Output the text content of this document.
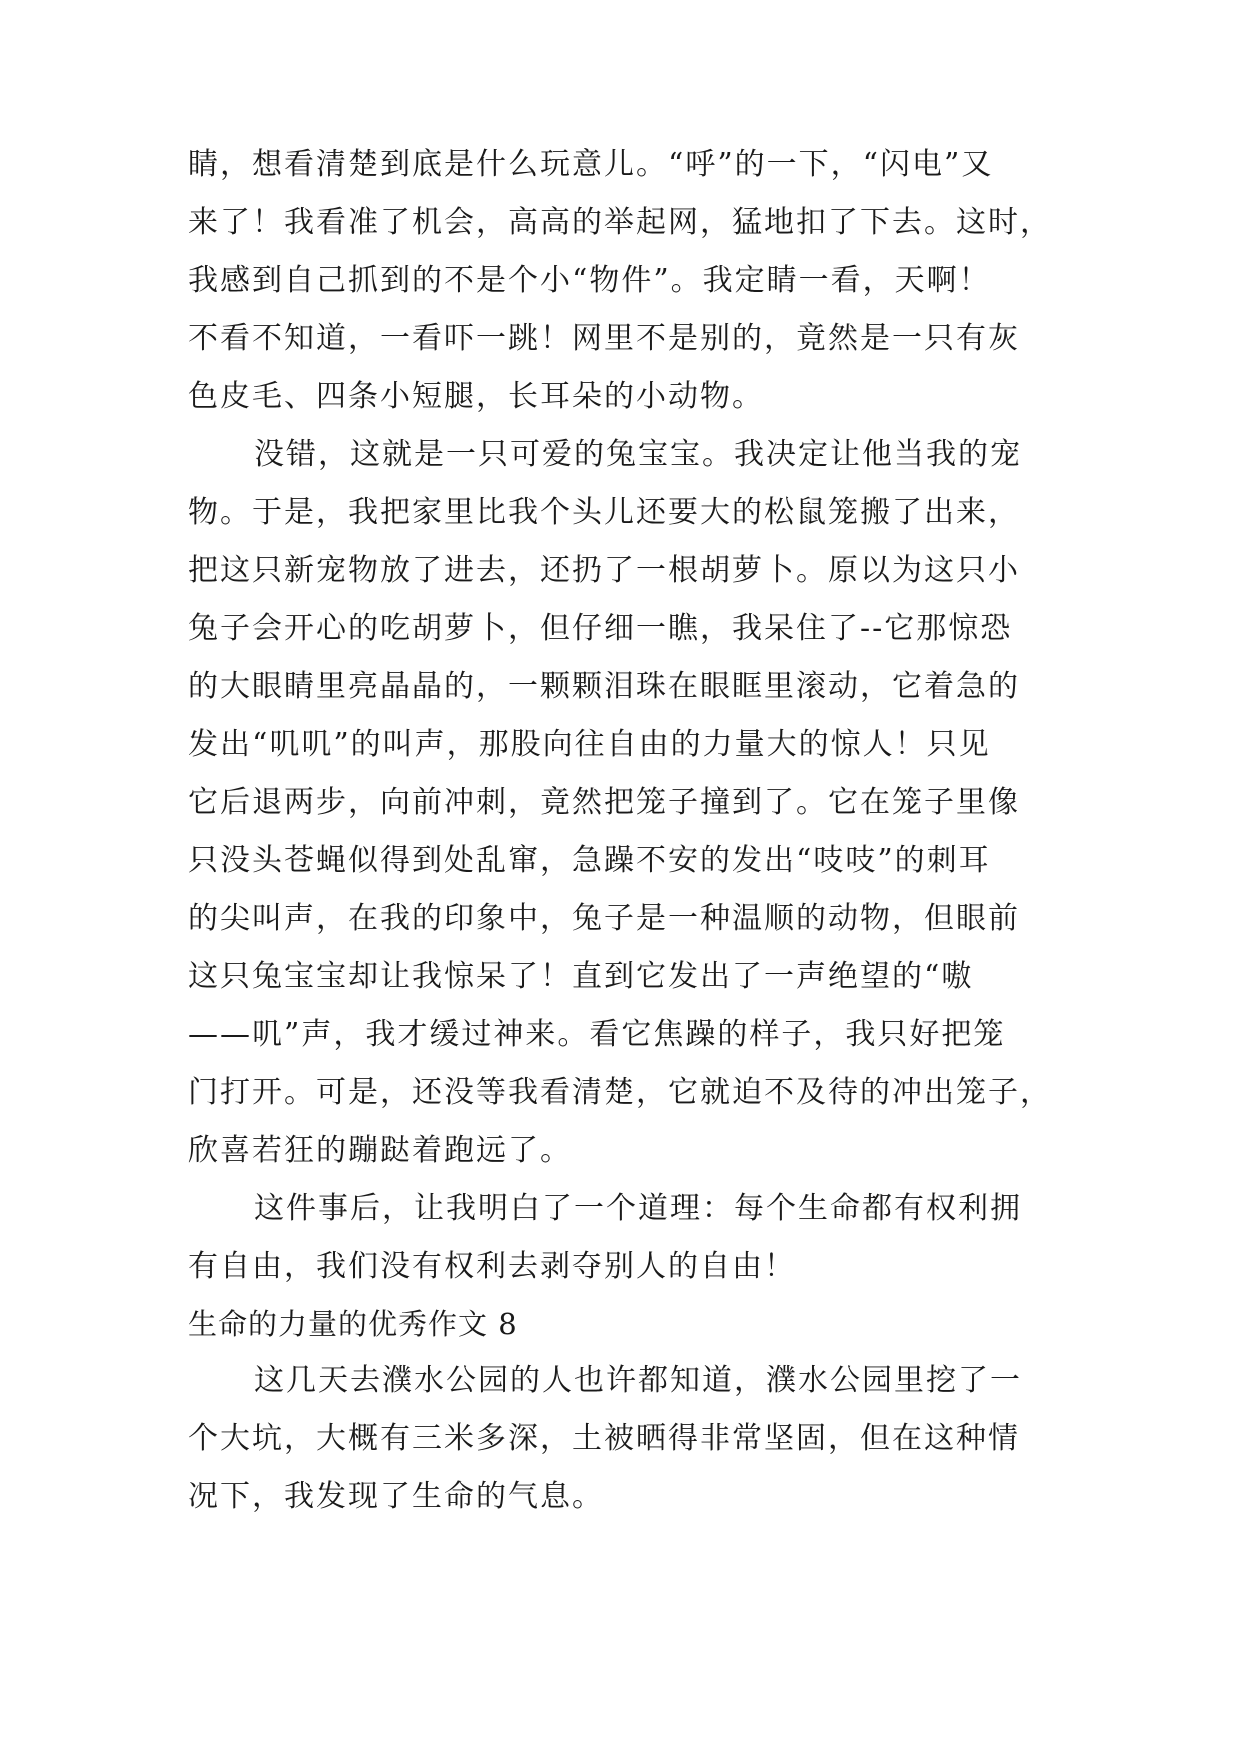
睛，想看清楚到底是什么玩意儿。“呼”的一下，“闪电”又
来了！我看准了机会，高高的举起网，猛地扣了下去。这时，
我感到自己抓到的不是个小“物件”。我定睛一看，天啊！
不看不知道，一看吓一跳！网里不是别的，竟然是一只有灰
色皮毛、四条小短腿，长耳朵的小动物。
没错，这就是一只可爱的兔宝宝。我决定让他当我的宠
物。于是，我把家里比我个头儿还要大的松鼠笼搬了出来，
把这只新宠物放了进去，还扔了一根胡萝卜。原以为这只小
兔子会开心的吃胡萝卜，但仔细一瞧，我呆住了--它那惊恐
的大眼睛里亮晶晶的，一颗颗泪珠在眼眶里滚动，它着急的
发出“叽叽”的叫声，那股向往自由的力量大的惊人！只见
它后退两步，向前冲刺，竟然把笼子撞到了。它在笼子里像
只没头苍蝇似得到处乱窜，急躁不安的发出“吱吱”的刺耳
的尖叫声，在我的印象中，兔子是一种温顺的动物，但眼前
这只兔宝宝却让我惊呆了！直到它发出了一声绝望的“嗷
——叽”声，我才缓过神来。看它焦躁的样子，我只好把笼
门打开。可是，还没等我看清楚，它就迫不及待的冲出笼子，
欣喜若狂的蹦跶着跑远了。
这件事后，让我明白了一个道理：每个生命都有权利拥
有自由，我们没有权利去剥夺别人的自由！
生命的力量的优秀作文 8
这几天去濮水公园的人也许都知道，濮水公园里挖了一
个大坑，大概有三米多深，土被晒得非常坚固，但在这种情
况下，我发现了生命的气息。
